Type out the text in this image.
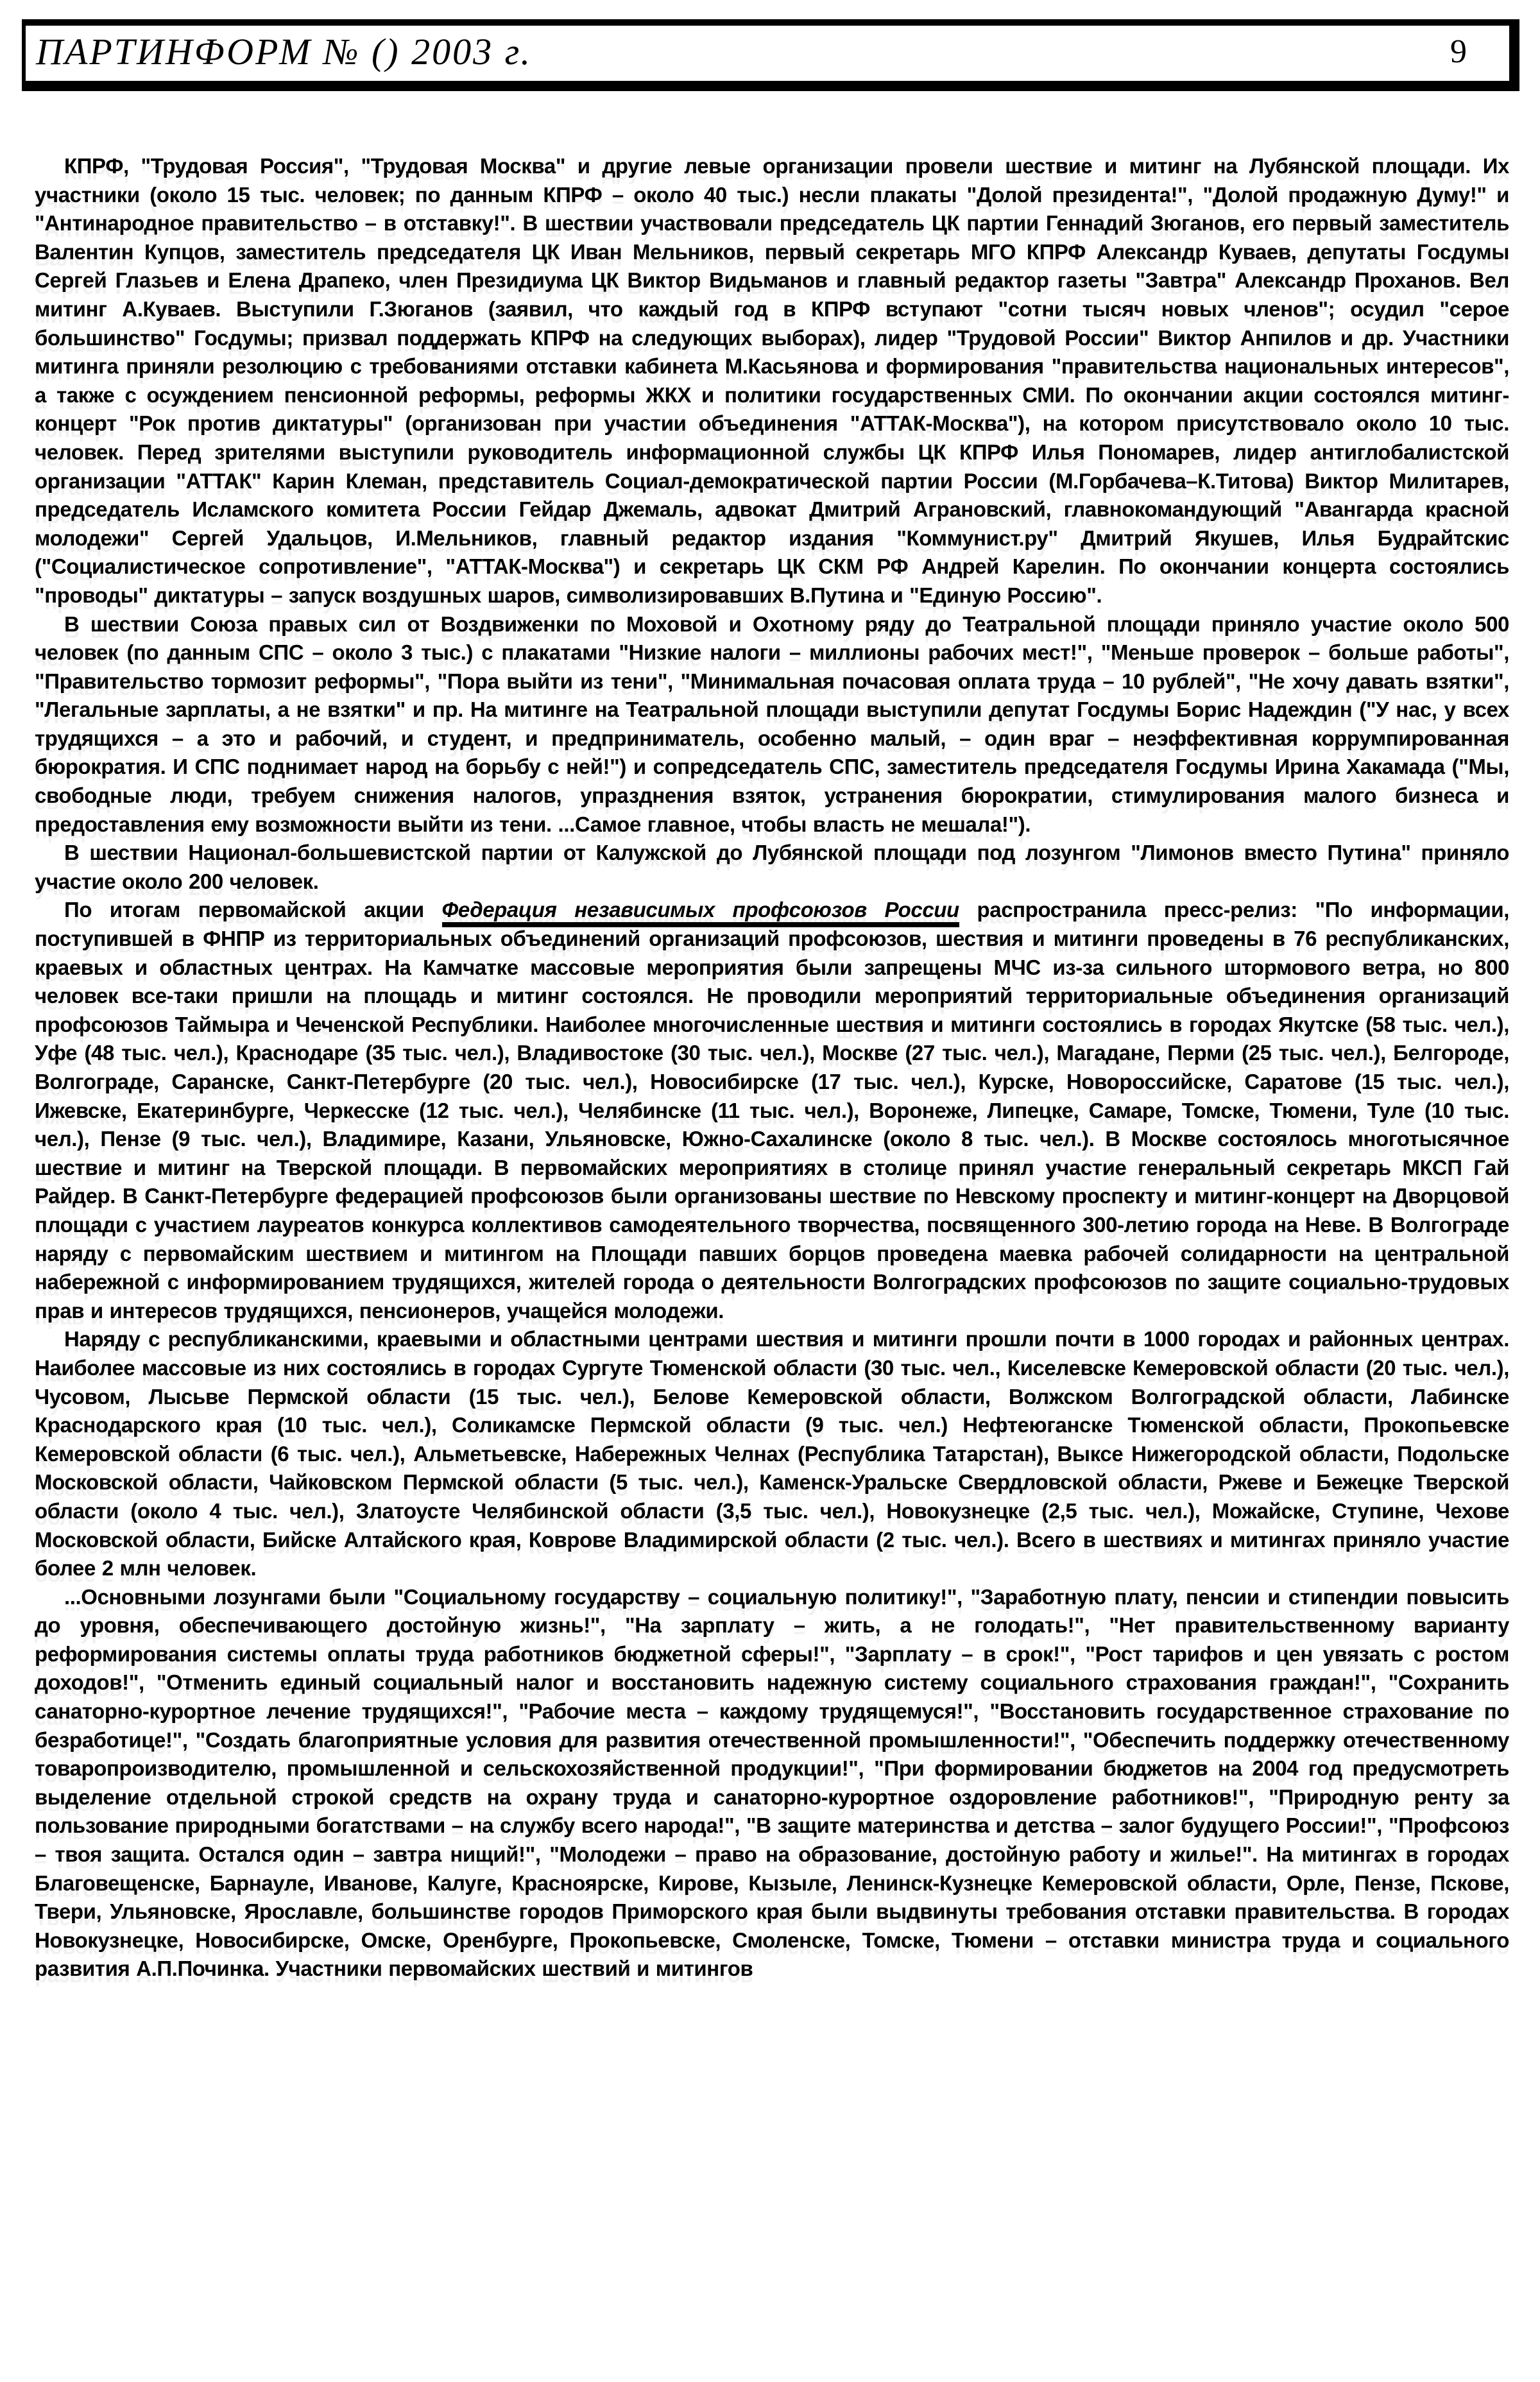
ПАРТИНФОРМ № () 2003 г.	9

КПРФ, "Трудовая Россия", "Трудовая Москва" и другие левые организации провели шествие и митинг на Лубянской площади. Их участники (около 15 тыс. человек; по данным КПРФ – около 40 тыс.) несли плакаты "Долой президента!", "Долой продажную Думу!" и "Антинародное правительство – в отставку!". В шествии участвовали председатель ЦК партии Геннадий Зюганов, его первый заместитель Валентин Купцов, заместитель председателя ЦК Иван Мельников, первый секретарь МГО КПРФ Александр Куваев, депутаты Госдумы Сергей Глазьев и Елена Драпеко, член Президиума ЦК Виктор Видьманов и главный редактор газеты "Завтра" Александр Проханов. Вел митинг А.Куваев. Выступили Г.Зюганов (заявил, что каждый год в КПРФ вступают "сотни тысяч новых членов"; осудил "серое большинство" Госдумы; призвал поддержать КПРФ на следующих выборах), лидер "Трудовой России" Виктор Анпилов и др. Участники митинга приняли резолюцию с требованиями отставки кабинета М.Касьянова и формирования "правительства национальных интересов", а также с осуждением пенсионной реформы, реформы ЖКХ и политики государственных СМИ. По окончании акции состоялся митинг-концерт "Рок против диктатуры" (организован при участии объединения "АТТАК-Москва"), на котором присутствовало около 10 тыс. человек. Перед зрителями выступили руководитель информационной службы ЦК КПРФ Илья Пономарев, лидер антиглобалистской организации "АТТАК" Карин Клеман, представитель Социал-демократической партии России (М.Горбачева–К.Титова) Виктор Милитарев, председатель Исламского комитета России Гейдар Джемаль, адвокат Дмитрий Аграновский, главнокомандующий "Авангарда красной молодежи" Сергей Удальцов, И.Мельников, главный редактор издания "Коммунист.ру" Дмитрий Якушев, Илья Будрайтскис ("Социалистическое сопротивление", "АТТАК-Москва") и секретарь ЦК СКМ РФ Андрей Карелин. По окончании концерта состоялись "проводы" диктатуры – запуск воздушных шаров, символизировавших В.Путина и "Единую Россию".

В шествии Союза правых сил от Воздвиженки по Моховой и Охотному ряду до Театральной площади приняло участие около 500 человек (по данным СПС – около 3 тыс.) с плакатами "Низкие налоги – миллионы рабочих мест!", "Меньше проверок – больше работы", "Правительство тормозит реформы", "Пора выйти из тени", "Минимальная почасовая оплата труда – 10 рублей", "Не хочу давать взятки", "Легальные зарплаты, а не взятки" и пр. На митинге на Театральной площади выступили депутат Госдумы Борис Надеждин ("У нас, у всех трудящихся – а это и рабочий, и студент, и предприниматель, особенно малый, – один враг – неэффективная коррумпированная бюрократия. И СПС поднимает народ на борьбу с ней!") и сопредседатель СПС, заместитель председателя Госдумы Ирина Хакамада ("Мы, свободные люди, требуем снижения налогов, упразднения взяток, устранения бюрократии, стимулирования малого бизнеса и предоставления ему возможности выйти из тени. ...Самое главное, чтобы власть не мешала!").

В шествии Национал-большевистской партии от Калужской до Лубянской площади под лозунгом "Лимонов вместо Путина" приняло участие около 200 человек.

По итогам первомайской акции Федерация независимых профсоюзов России распространила пресс-релиз: "По информации, поступившей в ФНПР из территориальных объединений организаций профсоюзов, шествия и митинги проведены в 76 республиканских, краевых и областных центрах. На Камчатке массовые мероприятия были запрещены МЧС из-за сильного штормового ветра, но 800 человек все-таки пришли на площадь и митинг состоялся. Не проводили мероприятий территориальные объединения организаций профсоюзов Таймыра и Чеченской Республики. Наиболее многочисленные шествия и митинги состоялись в городах Якутске (58 тыс. чел.), Уфе (48 тыс. чел.), Краснодаре (35 тыс. чел.), Владивостоке (30 тыс. чел.), Москве (27 тыс. чел.), Магадане, Перми (25 тыс. чел.), Белгороде, Волгограде, Саранске, Санкт-Петербурге (20 тыс. чел.), Новосибирске (17 тыс. чел.), Курске, Новороссийске, Саратове (15 тыс. чел.), Ижевске, Екатеринбурге, Черкесске (12 тыс. чел.), Челябинске (11 тыс. чел.), Воронеже, Липецке, Самаре, Томске, Тюмени, Туле (10 тыс. чел.), Пензе (9 тыс. чел.), Владимире, Казани, Ульяновске, Южно-Сахалинске (около 8 тыс. чел.). В Москве состоялось многотысячное шествие и митинг на Тверской площади. В первомайских мероприятиях в столице принял участие генеральный секретарь МКСП Гай Райдер. В Санкт-Петербурге федерацией профсоюзов были организованы шествие по Невскому проспекту и митинг-концерт на Дворцовой площади с участием лауреатов конкурса коллективов самодеятельного творчества, посвященного 300-летию города на Неве. В Волгограде наряду с первомайским шествием и митингом на Площади павших борцов проведена маевка рабочей солидарности на центральной набережной с информированием трудящихся, жителей города о деятельности Волгоградских профсоюзов по защите социально-трудовых прав и интересов трудящихся, пенсионеров, учащейся молодежи.

Наряду с республиканскими, краевыми и областными центрами шествия и митинги прошли почти в 1000 городах и районных центрах. Наиболее массовые из них состоялись в городах Сургуте Тюменской области (30 тыс. чел., Киселевске Кемеровской области (20 тыс. чел.), Чусовом, Лысьве Пермской области (15 тыс. чел.), Белове Кемеровской области, Волжском Волгоградской области, Лабинске Краснодарского края (10 тыс. чел.), Соликамске Пермской области (9 тыс. чел.) Нефтеюганске Тюменской области, Прокопьевске Кемеровской области (6 тыс. чел.), Альметьевске, Набережных Челнах (Республика Татарстан), Выксе Нижегородской области, Подольске Московской области, Чайковском Пермской области (5 тыс. чел.), Каменск-Уральске Свердловской области, Ржеве и Бежецке Тверской области (около 4 тыс. чел.), Златоусте Челябинской области (3,5 тыс. чел.), Новокузнецке (2,5 тыс. чел.), Можайске, Ступине, Чехове Московской области, Бийске Алтайского края, Коврове Владимирской области (2 тыс. чел.). Всего в шествиях и митингах приняло участие более 2 млн человек.

...Основными лозунгами были "Социальному государству – социальную политику!", "Заработную плату, пенсии и стипендии повысить до уровня, обеспечивающего достойную жизнь!", "На зарплату – жить, а не голодать!", "Нет правительственному варианту реформирования системы оплаты труда работников бюджетной сферы!", "Зарплату – в срок!", "Рост тарифов и цен увязать с ростом доходов!", "Отменить единый социальный налог и восстановить надежную систему социального страхования граждан!", "Сохранить санаторно-курортное лечение трудящихся!", "Рабочие места – каждому трудящемуся!", "Восстановить государственное страхование по безработице!", "Создать благоприятные условия для развития отечественной промышленности!", "Обеспечить поддержку отечественному товаропроизводителю, промышленной и сельскохозяйственной продукции!", "При формировании бюджетов на 2004 год предусмотреть выделение отдельной строкой средств на охрану труда и санаторно-курортное оздоровление работников!", "Природную ренту за пользование природными богатствами – на службу всего народа!", "В защите материнства и детства – залог будущего России!", "Профсоюз – твоя защита. Остался один – завтра нищий!", "Молодежи – право на образование, достойную работу и жилье!". На митингах в городах Благовещенске, Барнауле, Иванове, Калуге, Красноярске, Кирове, Кызыле, Ленинск-Кузнецке Кемеровской области, Орле, Пензе, Пскове, Твери, Ульяновске, Ярославле, большинстве городов Приморского края были выдвинуты требования отставки правительства. В городах Новокузнецке, Новосибирске, Омске, Оренбурге, Прокопьевске, Смоленске, Томске, Тюмени – отставки министра труда и социального развития А.П.Починка. Участники первомайских шествий и митингов
